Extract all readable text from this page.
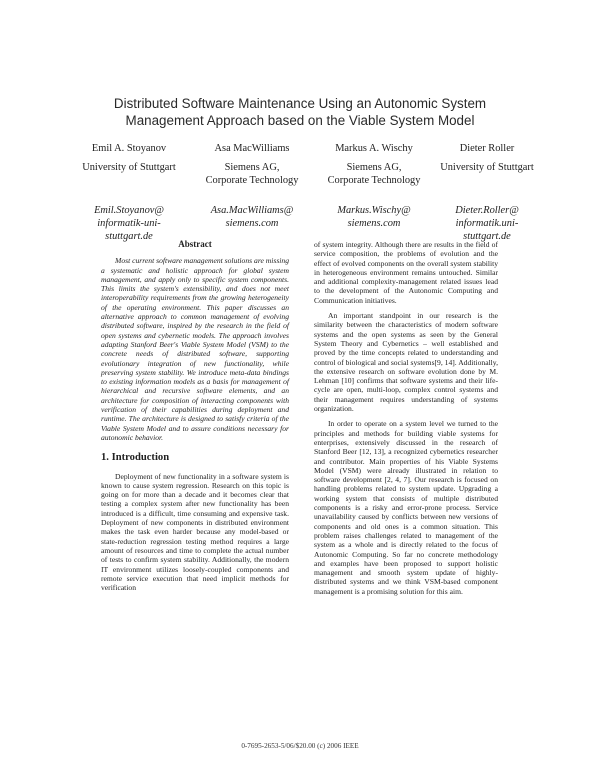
Distributed Software Maintenance Using an Autonomic System
Management Approach based on the Viable System Model
Emil A. Stoyanov
University of Stuttgart
Emil.Stoyanov@
informatik-uni-
stuttgart.de
Asa MacWilliams
Siemens AG,
Corporate Technology
Asa.MacWilliams@
siemens.com
Markus A. Wischy
Siemens AG,
Corporate Technology
Markus.Wischy@
siemens.com
Dieter Roller
University of Stuttgart
Dieter.Roller@
informatik.uni-
stuttgart.de
Abstract

Most current software management solutions are missing a systematic and holistic approach for global system management, and apply only to specific system components. This limits the system's extensibility, and does not meet interoperability requirements from the growing heterogeneity of the operating environment. This paper discusses an alternative approach to common management of evolving distributed software, inspired by the research in the field of open systems and cybernetic models. The approach involves adapting Stanford Beer's Viable System Model (VSM) to the concrete needs of distributed software, supporting evolutionary integration of new functionality, while preserving system stability. We introduce meta-data bindings to existing information models as a basis for management of hierarchical and recursive software elements, and an architecture for composition of interacting components with verification of their capabilities during deployment and runtime. The architecture is designed to satisfy criteria of the Viable System Model and to assure conditions necessary for autonomic behavior.

1. Introduction

Deployment of new functionality in a software system is known to cause system regression. Research on this topic is going on for more than a decade and it becomes clear that testing a complex system after new functionality has been introduced is a difficult, time consuming and expensive task. Deployment of new components in distributed environment makes the task even harder because any model-based or state-reduction regression testing method requires a large amount of resources and time to complete the actual number of tests to confirm system stability. Additionally, the modern IT environment utilizes loosely-coupled components and remote service execution that need implicit methods for verification

of system integrity. Although there are results in the field of service composition, the problems of evolution and the effect of evolved components on the overall system stability in heterogeneous environment remains untouched. Similar and additional complexity-management related issues lead to the development of the Autonomic Computing and Communication initiatives.

An important standpoint in our research is the similarity between the characteristics of modern software systems and the open systems as seen by the General System Theory and Cybernetics – well established and proved by the time concepts related to understanding and control of biological and social systems[9, 14]. Additionally, the extensive research on software evolution done by M. Lehman [10] confirms that software systems and their life-cycle are open, multi-loop, complex control systems and their management requires understanding of systems organization.

In order to operate on a system level we turned to the principles and methods for building viable systems for enterprises, extensively discussed in the research of Stanford Beer [12, 13], a recognized cybernetics researcher and contributor. Main properties of his Viable Systems Model (VSM) were already illustrated in relation to software development [2, 4, 7]. Our research is focused on handling problems related to system update. Upgrading a working system that consists of multiple distributed components is a risky and error-prone process. Service unavailability caused by conflicts between new versions of components and old ones is a common situation. This problem raises challenges related to management of the system as a whole and is directly related to the focus of Autonomic Computing. So far no concrete methodology and examples have been proposed to support holistic management and smooth system update of highly-distributed systems and we think VSM-based component management is a promising solution for this aim.

0-7695-2653-5/06/$20.00 (c) 2006 IEEE
